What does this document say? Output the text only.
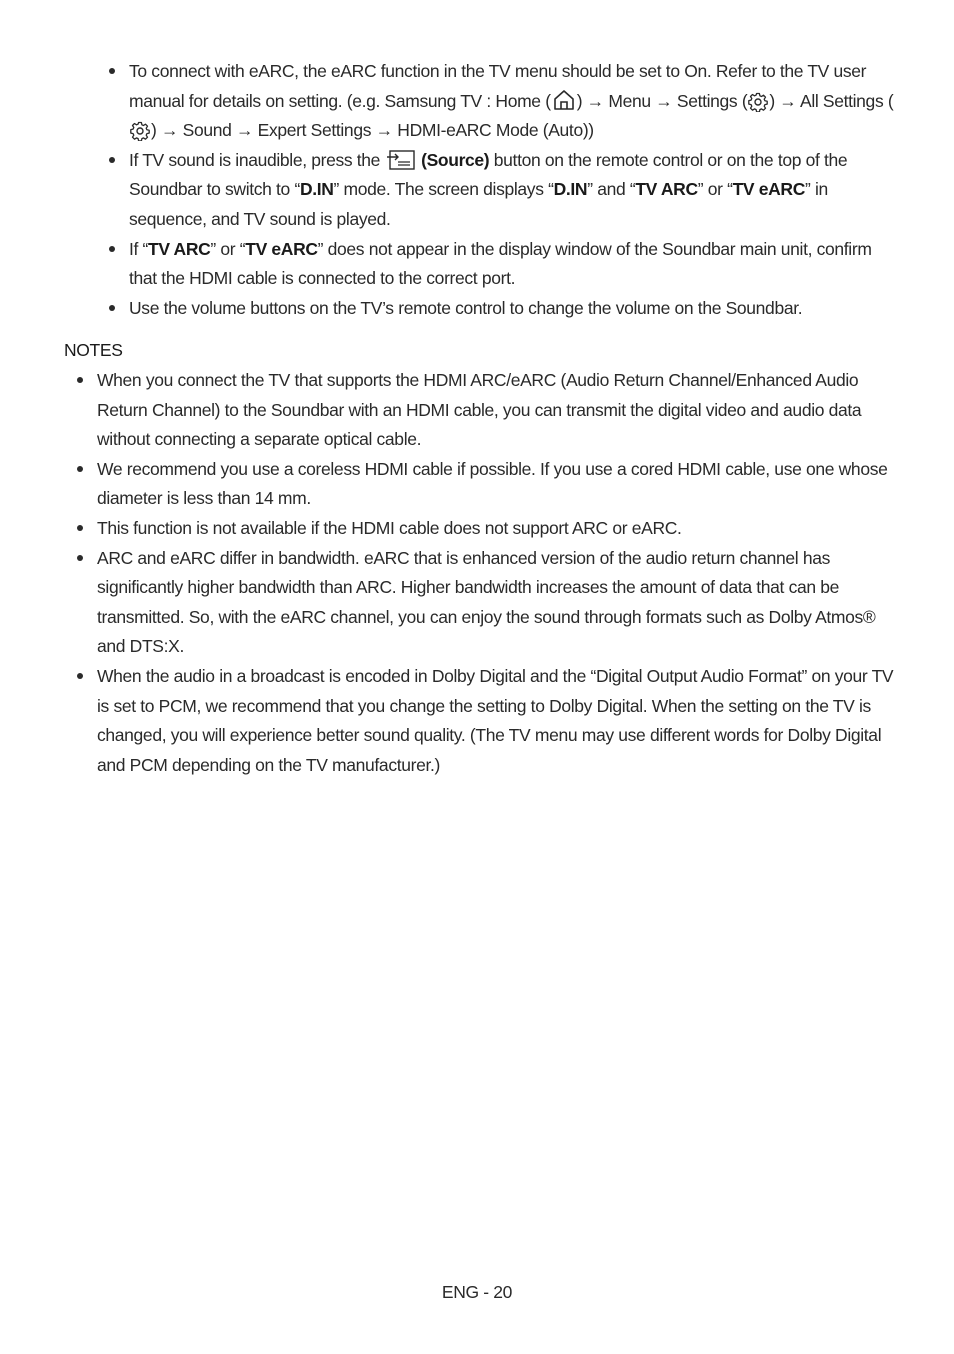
To connect with eARC, the eARC function in the TV menu should be set to On. Refer to the TV user manual for details on setting. (e.g. Samsung TV : Home ( ) → Menu → Settings ( ) → All Settings (
) → Sound → Expert Settings → HDMI-eARC Mode (Auto))
If TV sound is inaudible, press the
(Source) button on the remote control or on the top of the Soundbar to switch to “D.IN” mode. The screen displays “D.IN” and “TV ARC” or “TV eARC” in sequence, and TV sound is played.
If “TV ARC” or “TV eARC” does not appear in the display window of the Soundbar main unit, confirm that the HDMI cable is connected to the correct port.
Use the volume buttons on the TV’s remote control to change the volume on the Soundbar.
NOTES
When you connect the TV that supports the HDMI ARC/eARC (Audio Return Channel/Enhanced Audio Return Channel) to the Soundbar with an HDMI cable, you can transmit the digital video and audio data without connecting a separate optical cable.
We recommend you use a coreless HDMI cable if possible. If you use a cored HDMI cable, use one whose diameter is less than 14 mm.
This function is not available if the HDMI cable does not support ARC or eARC.
ARC and eARC differ in bandwidth. eARC that is enhanced version of the audio return channel has significantly higher bandwidth than ARC. Higher bandwidth increases the amount of data that can be transmitted. So, with the eARC channel, you can enjoy the sound through formats such as Dolby Atmos® and DTS:X.
When the audio in a broadcast is encoded in Dolby Digital and the “Digital Output Audio Format” on your TV is set to PCM, we recommend that you change the setting to Dolby Digital. When the setting on the TV is changed, you will experience better sound quality. (The TV menu may use different words for Dolby Digital and PCM depending on the TV manufacturer.)
ENG - 20
